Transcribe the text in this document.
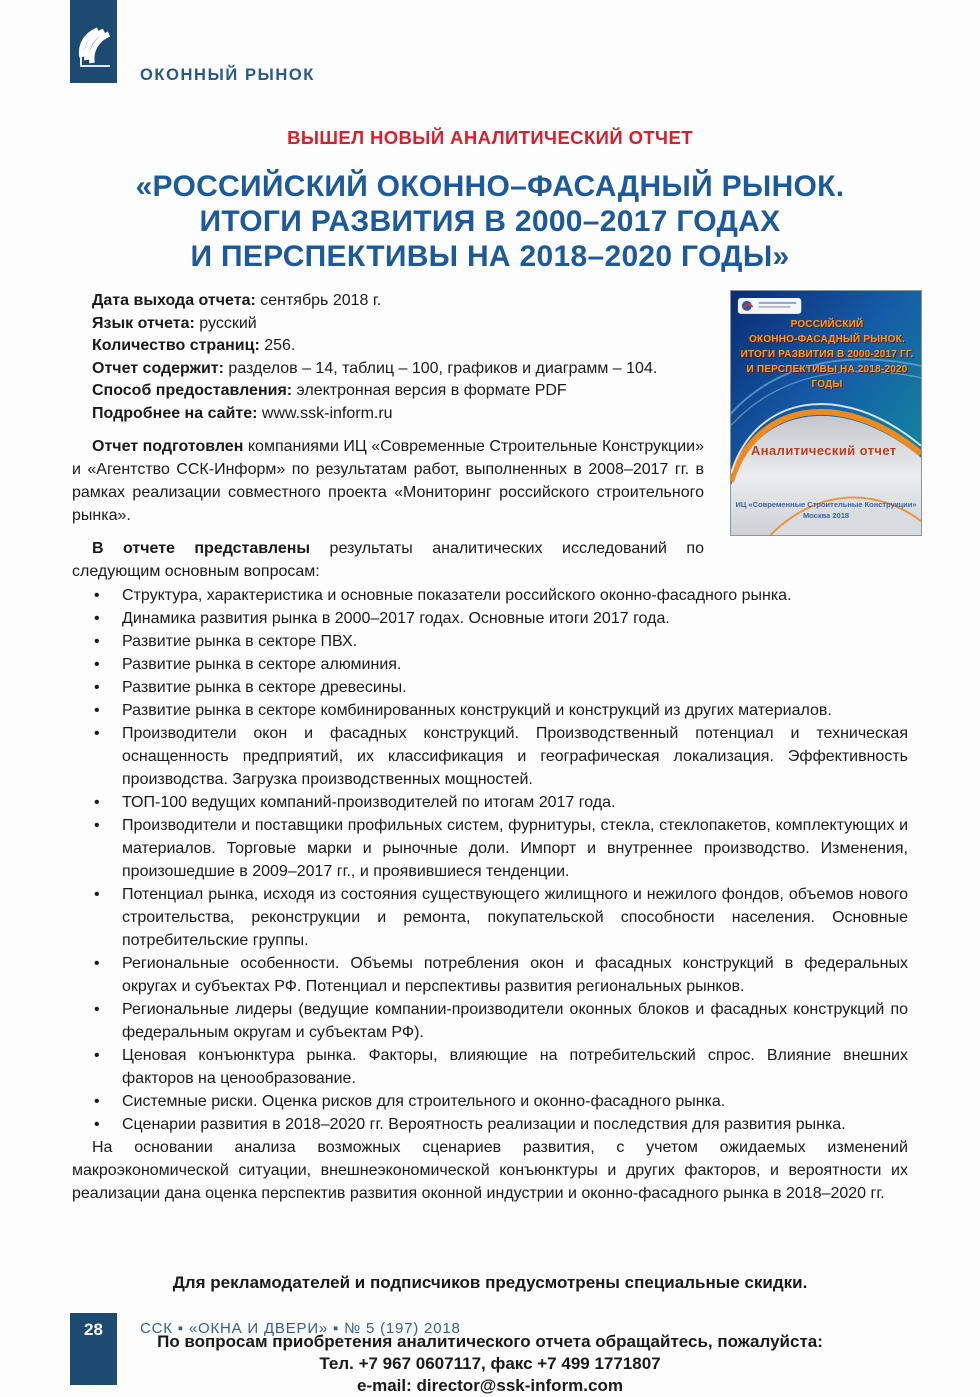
ОКОННЫЙ РЫНОК
ВЫШЕЛ НОВЫЙ АНАЛИТИЧЕСКИЙ ОТЧЕТ
«РОССИЙСКИЙ ОКОННО–ФАСАДНЫЙ РЫНОК.
ИТОГИ РАЗВИТИЯ В 2000–2017 ГОДАХ
И ПЕРСПЕКТИВЫ НА 2018–2020 ГОДЫ»
РОССИЙСКИЙ
ОКОННО-ФАСАДНЫЙ РЫНОК.
ИТОГИ РАЗВИТИЯ В 2000-2017 ГГ.
И ПЕРСПЕКТИВЫ НА 2018-2020 ГОДЫ
Аналитический отчет
ИЦ «Современные Строительные Конструкции»
Москва 2018
Дата выхода отчета: сентябрь 2018 г.
Язык отчета: русский
Количество страниц: 256.
Отчет содержит: разделов – 14, таблиц – 100, графиков и диаграмм – 104.
Способ предоставления: электронная версия в формате PDF
Подробнее на сайте: www.ssk-inform.ru

Отчет подготовлен компаниями ИЦ «Современные Строительные Конструкции» и «Агентство ССК-Информ» по результатам работ, выполненных в 2008–2017 гг. в рамках реализации совместного проекта «Мониторинг российского строительного рынка».

В отчете представлены результаты аналитических исследований по следующим основным вопросам:

• Структура, характеристика и основные показатели российского оконно-фасадного рынка.
• Динамика развития рынка в 2000–2017 годах. Основные итоги 2017 года.
• Развитие рынка в секторе ПВХ.
• Развитие рынка в секторе алюминия.
• Развитие рынка в секторе древесины.
• Развитие рынка в секторе комбинированных конструкций и конструкций из других материалов.
• Производители окон и фасадных конструкций. Производственный потенциал и техническая оснащенность предприятий, их классификация и географическая локализация. Эффективность производства. Загрузка производственных мощностей.
• ТОП-100 ведущих компаний-производителей по итогам 2017 года.
• Производители и поставщики профильных систем, фурнитуры, стекла, стеклопакетов, комплектующих и материалов. Торговые марки и рыночные доли. Импорт и внутреннее производство. Изменения, произошедшие в 2009–2017 гг., и проявившиеся тенденции.
• Потенциал рынка, исходя из состояния существующего жилищного и нежилого фондов, объемов нового строительства, реконструкции и ремонта, покупательской способности населения. Основные потребительские группы.
• Региональные особенности. Объемы потребления окон и фасадных конструкций в федеральных округах и субъектах РФ. Потенциал и перспективы развития региональных рынков.
• Региональные лидеры (ведущие компании-производители оконных блоков и фасадных конструкций по федеральным округам и субъектам РФ).
• Ценовая конъюнктура рынка. Факторы, влияющие на потребительский спрос. Влияние внешних факторов на ценообразование.
• Системные риски. Оценка рисков для строительного и оконно-фасадного рынка.
• Сценарии развития в 2018–2020 гг. Вероятность реализации и последствия для развития рынка.

На основании анализа возможных сценариев развития, с учетом ожидаемых изменений макроэкономической ситуации, внешнеэкономической конъюнктуры и других факторов, и вероятности их реализации дана оценка перспектив развития оконной индустрии и оконно-фасадного рынка в 2018–2020 гг.

Для рекламодателей и подписчиков предусмотрены специальные скидки.
По вопросам приобретения аналитического отчета обращайтесь, пожалуйста:
Тел. +7 967 0607117, факс +7 499 1771807
e-mail: director@ssk-inform.com
28	ССК ▪ «ОКНА И ДВЕРИ» ▪ № 5 (197) 2018
